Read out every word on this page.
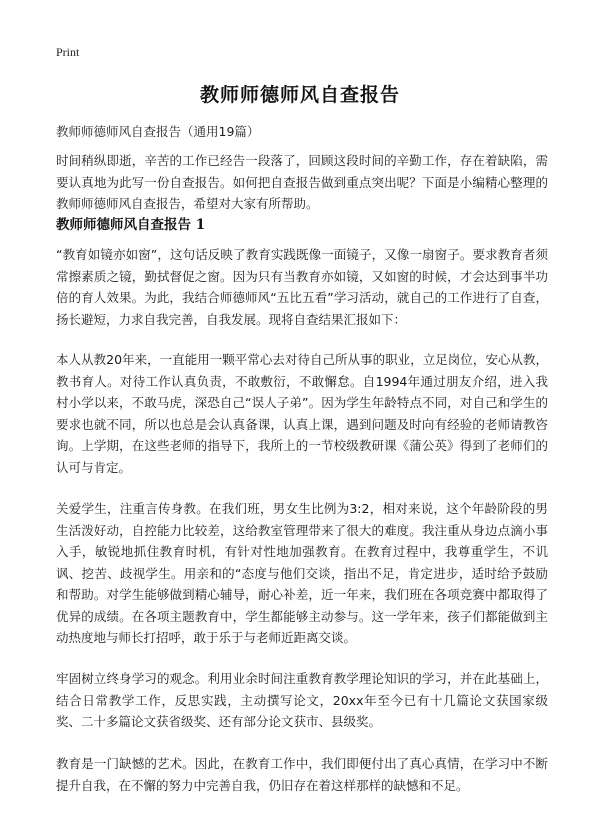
Print
教师师德师风自查报告
教师师德师风自查报告（通用19篇）

时间稍纵即逝，辛苦的工作已经告一段落了，回顾这段时间的辛勤工作，存在着缺陷，需要认真地为此写一份自查报告。如何把自查报告做到重点突出呢？下面是小编精心整理的教师师德师风自查报告，希望对大家有所帮助。

教师师德师风自查报告 1

“教育如镜亦如窗”，这句话反映了教育实践既像一面镜子，又像一扇窗子。要求教育者须常擦素质之镜，勤拭督促之窗。因为只有当教育亦如镜，又如窗的时候，才会达到事半功倍的育人效果。为此，我结合师德师风“五比五看”学习活动，就自己的工作进行了自查，扬长避短，力求自我完善，自我发展。现将自查结果汇报如下：

本人从教20年来，一直能用一颗平常心去对待自己所从事的职业，立足岗位，安心从教，教书育人。对待工作认真负责，不敢敷衍，不敢懈怠。自1994年通过朋友介绍，进入我村小学以来，不敢马虎，深恐自己“误人子弟”。因为学生年龄特点不同，对自己和学生的要求也就不同，所以也总是会认真备课，认真上课，遇到问题及时向有经验的老师请教咨询。上学期，在这些老师的指导下，我所上的一节校级教研课《蒲公英》得到了老师们的认可与肯定。

关爱学生，注重言传身教。在我们班，男女生比例为3:2，相对来说，这个年龄阶段的男生活泼好动，自控能力比较差，这给教室管理带来了很大的难度。我注重从身边点滴小事入手，敏锐地抓住教育时机，有针对性地加强教育。在教育过程中，我尊重学生，不讥讽、挖苦、歧视学生。用亲和的“态度与他们交谈，指出不足，肯定进步，适时给予鼓励和帮助。对学生能够做到精心辅导，耐心补差，近一年来，我们班在各项竞赛中都取得了优异的成绩。在各项主题教育中，学生都能够主动参与。这一学年来，孩子们都能做到主动热度地与师长打招呼，敢于乐于与老师近距离交谈。

牢固树立终身学习的观念。利用业余时间注重教育教学理论知识的学习，并在此基础上，结合日常教学工作，反思实践，主动撰写论文，20xx年至今已有十几篇论文获国家级奖、二十多篇论文获省级奖、还有部分论文获市、县级奖。

教育是一门缺憾的艺术。因此，在教育工作中，我们即便付出了真心真情，在学习中不断提升自我，在不懈的努力中完善自我，仍旧存在着这样那样的缺憾和不足。
